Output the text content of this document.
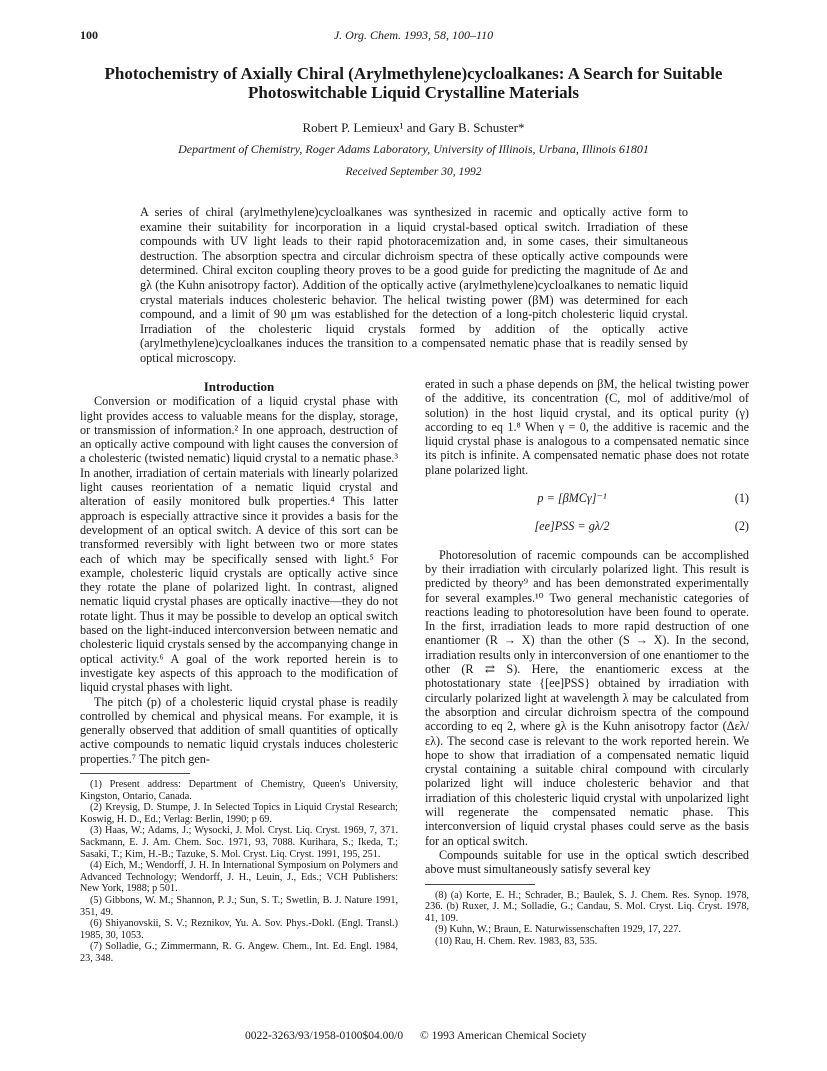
100	J. Org. Chem. 1993, 58, 100–110
Photochemistry of Axially Chiral (Arylmethylene)cycloalkanes: A Search for Suitable Photoswitchable Liquid Crystalline Materials
Robert P. Lemieux¹ and Gary B. Schuster*
Department of Chemistry, Roger Adams Laboratory, University of Illinois, Urbana, Illinois 61801
Received September 30, 1992
A series of chiral (arylmethylene)cycloalkanes was synthesized in racemic and optically active form to examine their suitability for incorporation in a liquid crystal-based optical switch. Irradiation of these compounds with UV light leads to their rapid photoracemization and, in some cases, their simultaneous destruction. The absorption spectra and circular dichroism spectra of these optically active compounds were determined. Chiral exciton coupling theory proves to be a good guide for predicting the magnitude of Δε and gλ (the Kuhn anisotropy factor). Addition of the optically active (arylmethylene)cycloalkanes to nematic liquid crystal materials induces cholesteric behavior. The helical twisting power (βM) was determined for each compound, and a limit of 90 μm was established for the detection of a long-pitch cholesteric liquid crystal. Irradiation of the cholesteric liquid crystals formed by addition of the optically active (arylmethylene)cycloalkanes induces the transition to a compensated nematic phase that is readily sensed by optical microscopy.

Introduction

Conversion or modification of a liquid crystal phase with light provides access to valuable means for the display, storage, or transmission of information.² In one approach, destruction of an optically active compound with light causes the conversion of a cholesteric (twisted nematic) liquid crystal to a nematic phase.³ In another, irradiation of certain materials with linearly polarized light causes reorientation of a nematic liquid crystal and alteration of easily monitored bulk properties.⁴ This latter approach is especially attractive since it provides a basis for the development of an optical switch. A device of this sort can be transformed reversibly with light between two or more states each of which may be specifically sensed with light.⁵ For example, cholesteric liquid crystals are optically active since they rotate the plane of polarized light. In contrast, aligned nematic liquid crystal phases are optically inactive—they do not rotate light. Thus it may be possible to develop an optical switch based on the light-induced interconversion between nematic and cholesteric liquid crystals sensed by the accompanying change in optical activity.⁶ A goal of the work reported herein is to investigate key aspects of this approach to the modification of liquid crystal phases with light.

The pitch (p) of a cholesteric liquid crystal phase is readily controlled by chemical and physical means. For example, it is generally observed that addition of small quantities of optically active compounds to nematic liquid crystals induces cholesteric properties.⁷ The pitch gen-

(1) Present address: Department of Chemistry, Queen's University, Kingston, Ontario, Canada.
(2) Kreysig, D. Stumpe, J. In Selected Topics in Liquid Crystal Research; Koswig, H. D., Ed.; Verlag: Berlin, 1990; p 69.
(3) Haas, W.; Adams, J.; Wysocki, J. Mol. Cryst. Liq. Cryst. 1969, 7, 371. Sackmann, E. J. Am. Chem. Soc. 1971, 93, 7088. Kurihara, S.; Ikeda, T.; Sasaki, T.; Kim, H.-B.; Tazuke, S. Mol. Cryst. Liq. Cryst. 1991, 195, 251.
(4) Eich, M.; Wendorff, J. H. In International Symposium on Polymers and Advanced Technology; Wendorff, J. H., Leuin, J., Eds.; VCH Publishers: New York, 1988; p 501.
(5) Gibbons, W. M.; Shannon, P. J.; Sun, S. T.; Swetlin, B. J. Nature 1991, 351, 49.
(6) Shiyanovskii, S. V.; Reznikov, Yu. A. Sov. Phys.-Dokl. (Engl. Transl.) 1985, 30, 1053.
(7) Solladie, G.; Zimmermann, R. G. Angew. Chem., Int. Ed. Engl. 1984, 23, 348.

erated in such a phase depends on βM, the helical twisting power of the additive, its concentration (C, mol of additive/mol of solution) in the host liquid crystal, and its optical purity (γ) according to eq 1.⁸ When γ = 0, the additive is racemic and the liquid crystal phase is analogous to a compensated nematic since its pitch is infinite. A compensated nematic phase does not rotate plane polarized light.

p = [βMCγ]⁻¹	(1)
[ee]PSS = gλ/2	(2)

Photoresolution of racemic compounds can be accomplished by their irradiation with circularly polarized light. This result is predicted by theory⁹ and has been demonstrated experimentally for several examples.¹⁰ Two general mechanistic categories of reactions leading to photoresolution have been found to operate. In the first, irradiation leads to more rapid destruction of one enantiomer (R → X) than the other (S → X). In the second, irradiation results only in interconversion of one enantiomer to the other (R ⇄ S). Here, the enantiomeric excess at the photostationary state {[ee]PSS} obtained by irradiation with circularly polarized light at wavelength λ may be calculated from the absorption and circular dichroism spectra of the compound according to eq 2, where gλ is the Kuhn anisotropy factor (Δελ/ελ). The second case is relevant to the work reported herein. We hope to show that irradiation of a compensated nematic liquid crystal containing a suitable chiral compound with circularly polarized light will induce cholesteric behavior and that irradiation of this cholesteric liquid crystal with unpolarized light will regenerate the compensated nematic phase. This interconversion of liquid crystal phases could serve as the basis for an optical switch.

Compounds suitable for use in the optical swtich described above must simultaneously satisfy several key

(8) (a) Korte, E. H.; Schrader, B.; Baulek, S. J. Chem. Res. Synop. 1978, 236. (b) Ruxer, J. M.; Solladie, G.; Candau, S. Mol. Cryst. Liq. Cryst. 1978, 41, 109.
(9) Kuhn, W.; Braun, E. Naturwissenschaften 1929, 17, 227.
(10) Rau, H. Chem. Rev. 1983, 83, 535.
0022-3263/93/1958-0100$04.00/0 © 1993 American Chemical Society
